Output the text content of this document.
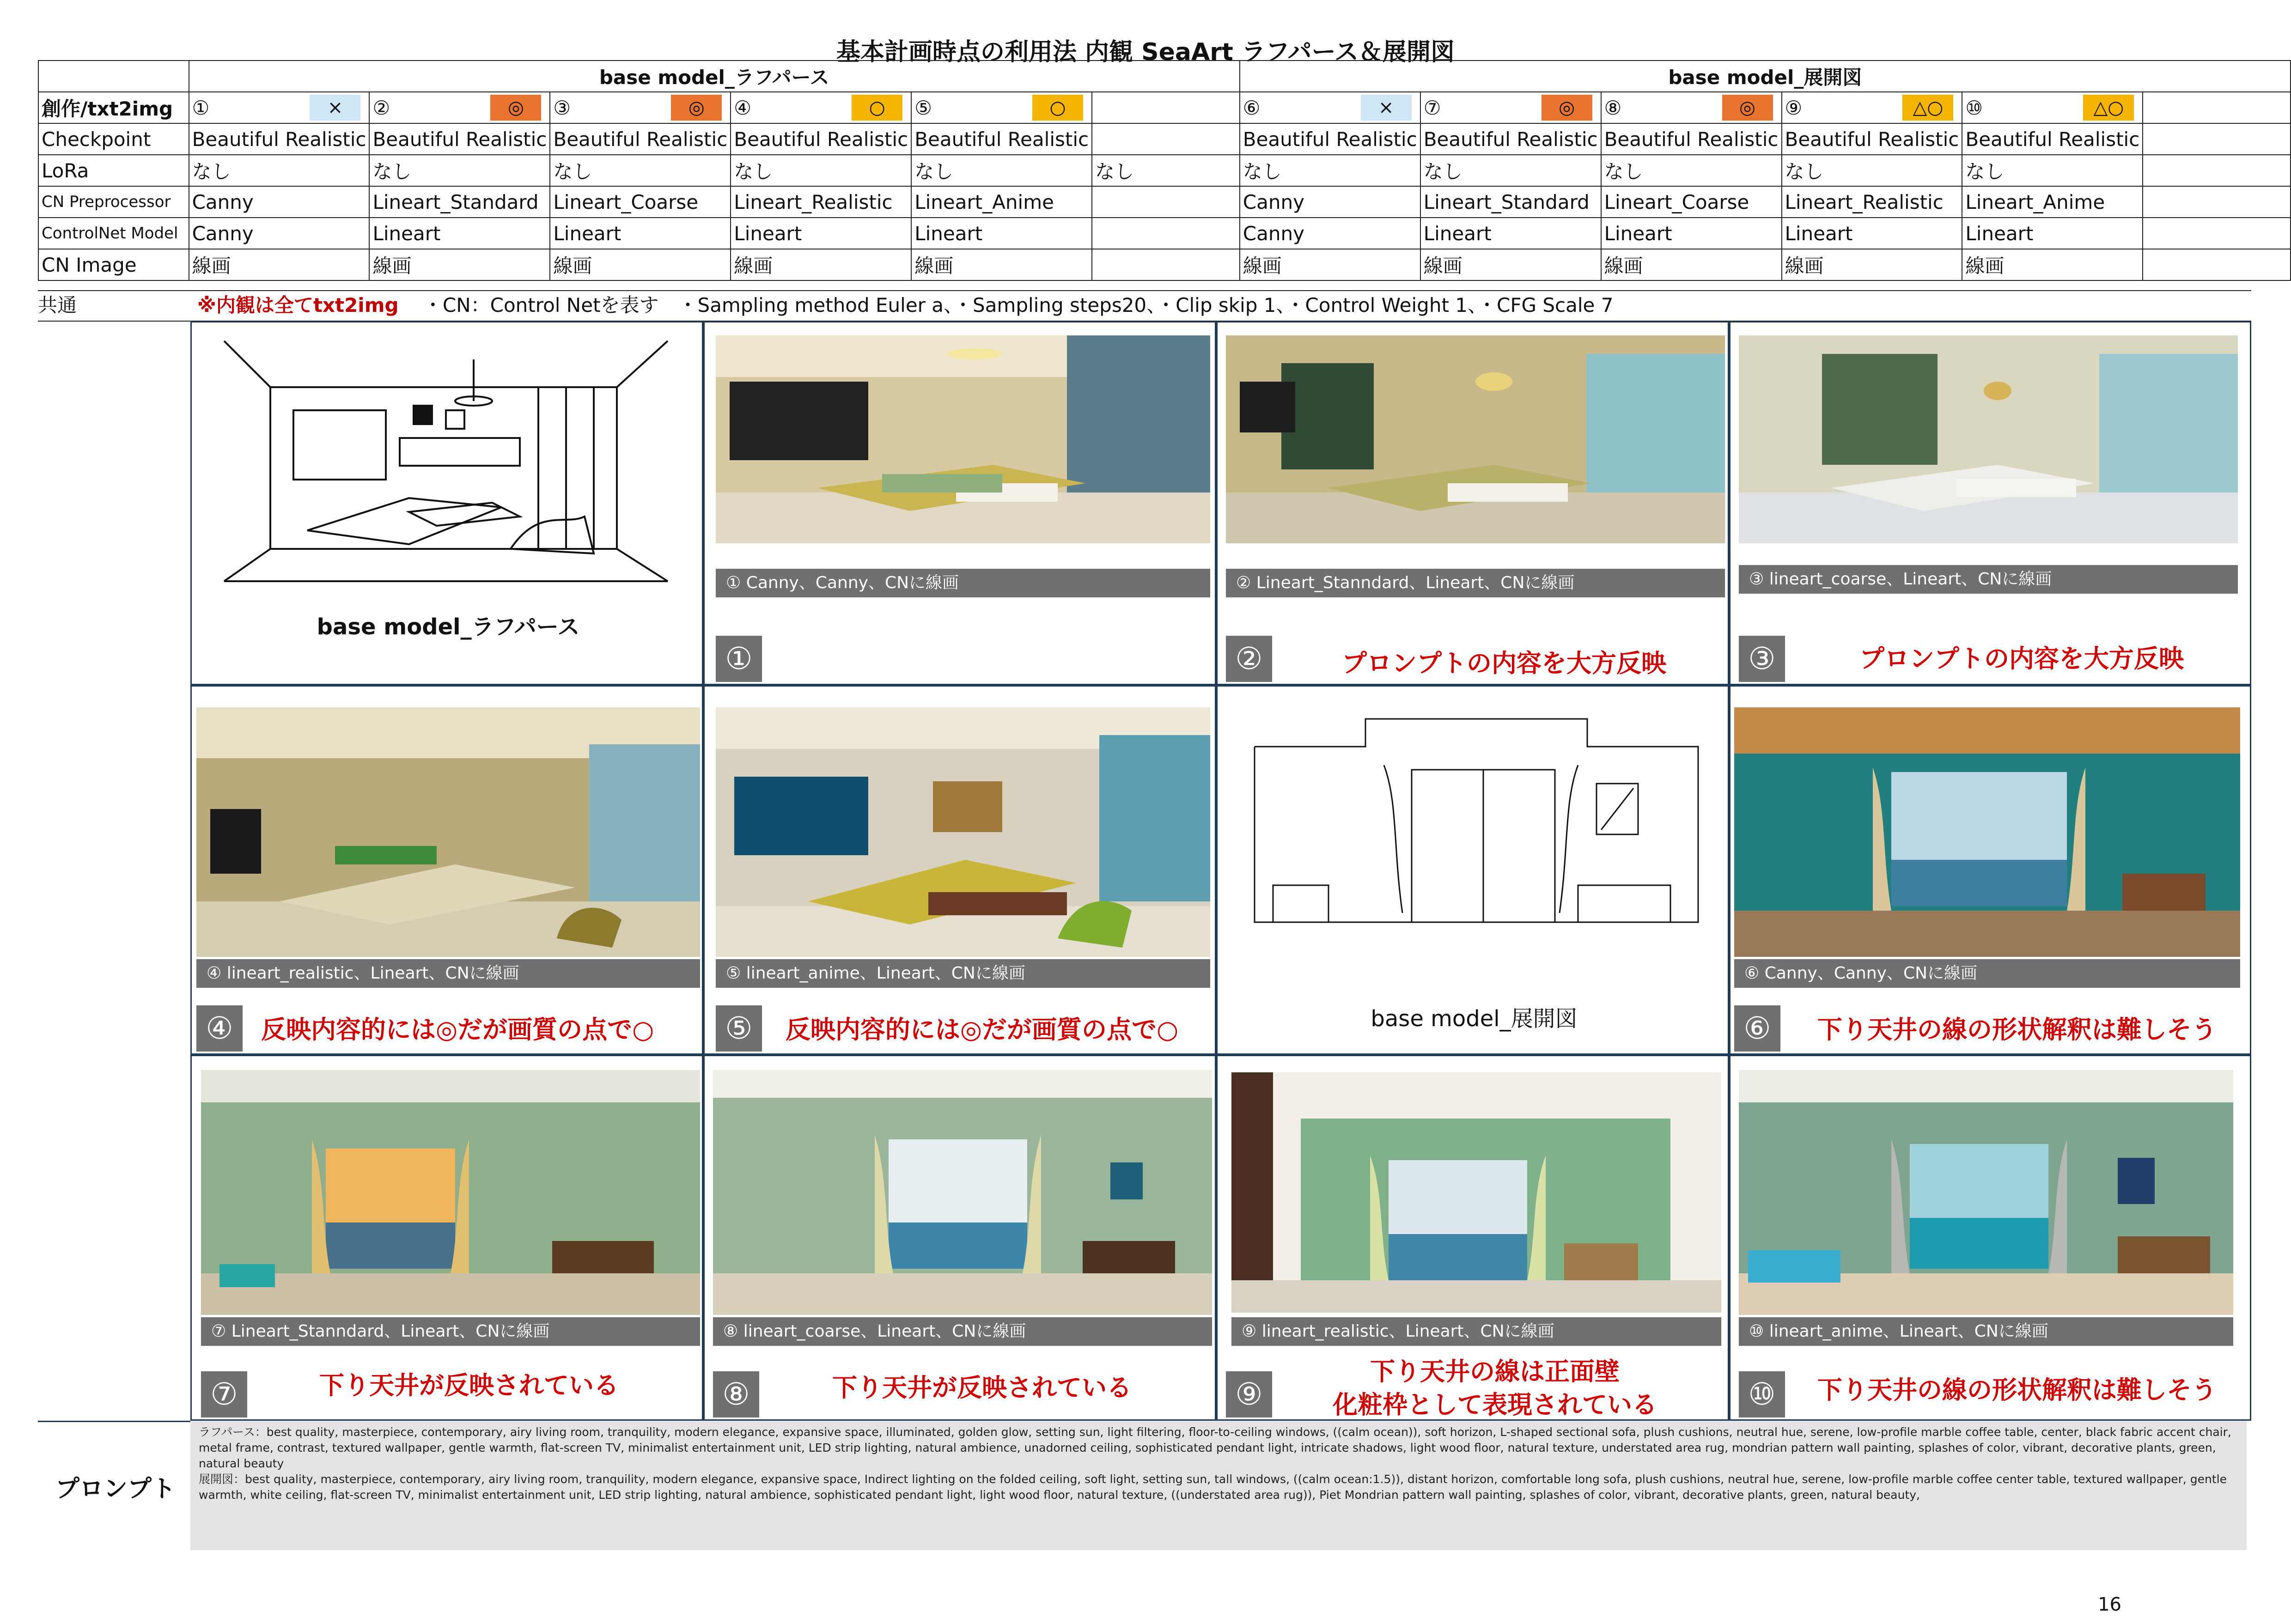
基本計画時点の利用法 内観 SeaArt ラフパース＆展開図
	base model_ラフパース						base model_展開図					
創作/txt2img	① ×	② ◎	③ ◎	④ ○	⑤ ○		⑥ ×	⑦ ◎	⑧ ◎	⑨ △○	⑩ △○	

Checkpoint	Beautiful Realistic	Beautiful Realistic	Beautiful Realistic	Beautiful Realistic	Beautiful Realistic		Beautiful Realistic	Beautiful Realistic	Beautiful Realistic	Beautiful Realistic	Beautiful Realistic	
LoRa	なし	なし	なし	なし	なし	なし	なし	なし	なし	なし	なし	
CN Preprocessor	Canny	Lineart_Standard	Lineart_Coarse	Lineart_Realistic	Lineart_Anime		Canny	Lineart_Standard	Lineart_Coarse	Lineart_Realistic	Lineart_Anime	
ControlNet Model	Canny	Lineart	Lineart	Lineart	Lineart		Canny	Lineart	Lineart	Lineart	Lineart	
CN Image	線画	線画	線画	線画	線画		線画	線画	線画	線画	線画	
共通	※内観は全てtxt2img ・CN：Control Netを表す　・Sampling method Euler a、・Sampling steps20、・Clip skip 1、・Control Weight 1、・CFG Scale 7
base model_ラフパース
① Canny、Canny、CNに線画
①
② Lineart_Stanndard、Lineart、CNに線画
②	プロンプトの内容を大方反映
③ lineart_coarse、Lineart、CNに線画
③	プロンプトの内容を大方反映
④ lineart_realistic、Lineart、CNに線画
④	反映内容的には◎だが画質の点で○
⑤ lineart_anime、Lineart、CNに線画
⑤	反映内容的には◎だが画質の点で○	base model_展開図
⑥ Canny、Canny、CNに線画
⑥	下り天井の線の形状解釈は難しそう
⑦ Lineart_Stanndard、Lineart、CNに線画
⑦	下り天井が反映されている
⑧ lineart_coarse、Lineart、CNに線画
⑧	下り天井が反映されている
⑨ lineart_realistic、Lineart、CNに線画
⑨
下り天井の線は正面壁
化粧枠として表現されている
⑩ lineart_anime、Lineart、CNに線画
⑩	下り天井の線の形状解釈は難しそう
プロンプト
ラフパース：best quality, masterpiece, contemporary, airy living room, tranquility, modern elegance, expansive space, illuminated, golden glow, setting sun, light filtering, floor-to-ceiling windows, ((calm ocean)), soft horizon, L-shaped sectional sofa, plush cushions, neutral hue, serene, low-profile marble coffee table, center, black fabric accent chair, metal frame, contrast, textured wallpaper, gentle warmth, flat-screen TV, minimalist entertainment unit, LED strip lighting, natural ambience, unadorned ceiling, sophisticated pendant light, intricate shadows, light wood floor, natural texture, understated area rug, mondrian pattern wall painting, splashes of color, vibrant, decorative plants, green, natural beauty
展開図：best quality, masterpiece, contemporary, airy living room, tranquility, modern elegance, expansive space, Indirect lighting on the folded ceiling, soft light, setting sun, tall windows, ((calm ocean:1.5)), distant horizon, comfortable long sofa, plush cushions, neutral hue, serene, low-profile marble coffee center table, textured wallpaper, gentle warmth, white ceiling, flat-screen TV, minimalist entertainment unit, LED strip lighting, natural ambience, sophisticated pendant light, light wood floor, natural texture, ((understated area rug)), Piet Mondrian pattern wall painting, splashes of color, vibrant, decorative plants, green, natural beauty,
16
